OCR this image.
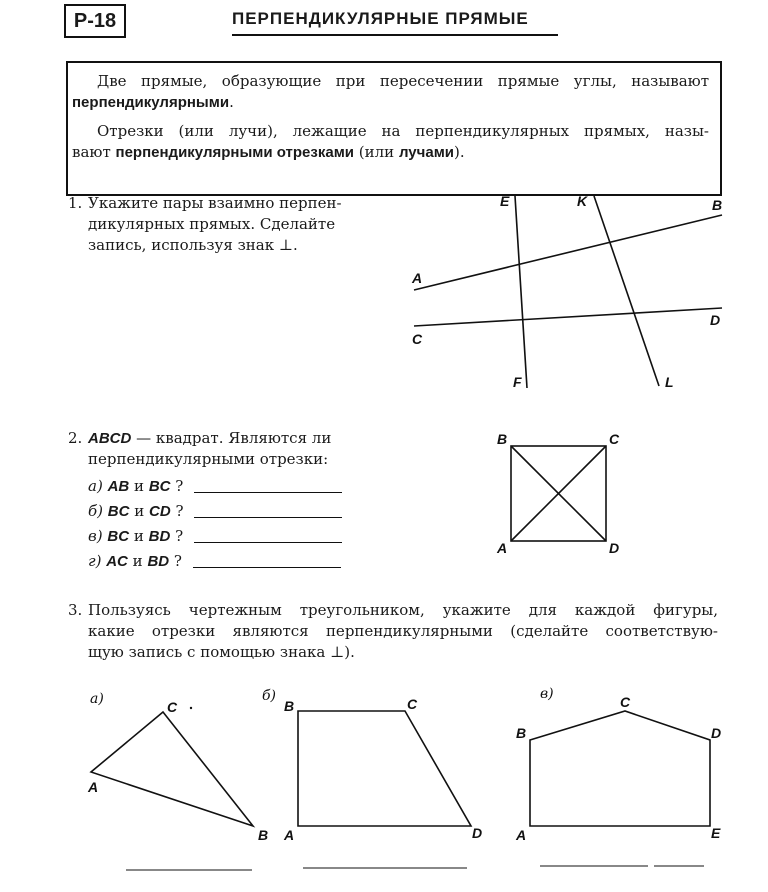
P-18	ПЕРПЕНДИКУЛЯРНЫЕ ПРЯМЫЕ
Две прямые, образующие при пересечении прямые углы, называют
перпендикулярными.
Отрезки (или лучи), лежащие на перпендикулярных прямых, назы-
вают перпендикулярными отрезками (или лучами).
1. Укажите пары взаимно перпен-
дикулярных прямых. Сделайте
запись, используя знак ⊥.
E	K	B
A
D
C
F	L
B	C
A	D
а)	C
A
B
б)
B	C
A	D
в)	C
B	D
A	E
2. ABCD — квадрат. Являются ли
перпендикулярными отрезки:
а) AB и BC ?
б) BC и CD ?
в) BC и BD ?
г) AC и BD ?
3. Пользуясь чертежным треугольником, укажите для каждой фигуры,
какие отрезки являются перпендикулярными (сделайте соответствую-
щую запись с помощью знака ⊥).
